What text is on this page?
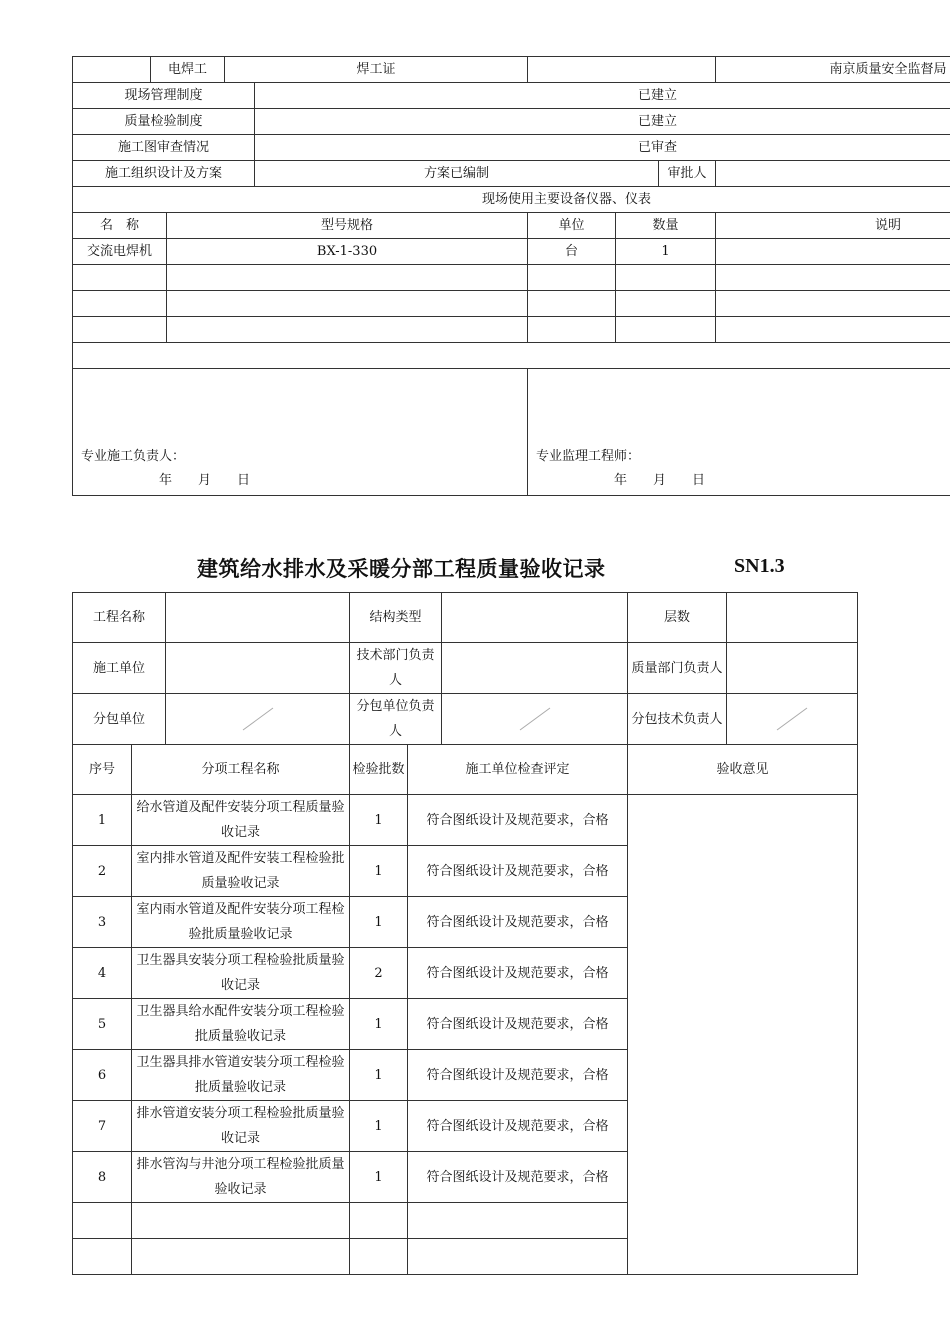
	电焊工		焊工证					南京质量安全监督局
现场管理制度				已建立				
质量检验制度				已建立				
施工图审查情况				已审查				
施工组织设计及方案				方案已编制			审批人	
现场使用主要设备仪器、仪表								
名　称		型号规格			单位	数量		说明
交流电焊机		BX-1-330			台	1		

专业施工负责人：
年　　月　　日					专业监理工程师：
年　　月　　日			
建筑给水排水及采暖分部工程质量验收记录	SN1.3
工程名称			结构类型			层数	
施工单位			技术部门负责人			质量部门负责人	
分包单位			分包单位负责人			分包技术负责人	

序号	分项工程名称		检验批数	施工单位检查评定		验收意见	
1	给水管道及配件安装分项工程质量验收记录		1	符合图纸设计及规范要求，合格			
2	室内排水管道及配件安装工程检验批质量验收记录		1	符合图纸设计及规范要求，合格			
3	室内雨水管道及配件安装分项工程检验批质量验收记录		1	符合图纸设计及规范要求，合格			
4	卫生器具安装分项工程检验批质量验收记录		2	符合图纸设计及规范要求，合格			
5	卫生器具给水配件安装分项工程检验批质量验收记录		1	符合图纸设计及规范要求，合格			
6	卫生器具排水管道安装分项工程检验批质量验收记录		1	符合图纸设计及规范要求，合格			
7	排水管道安装分项工程检验批质量验收记录		1	符合图纸设计及规范要求，合格			
8	排水管沟与井池分项工程检验批质量验收记录		1	符合图纸设计及规范要求，合格			
